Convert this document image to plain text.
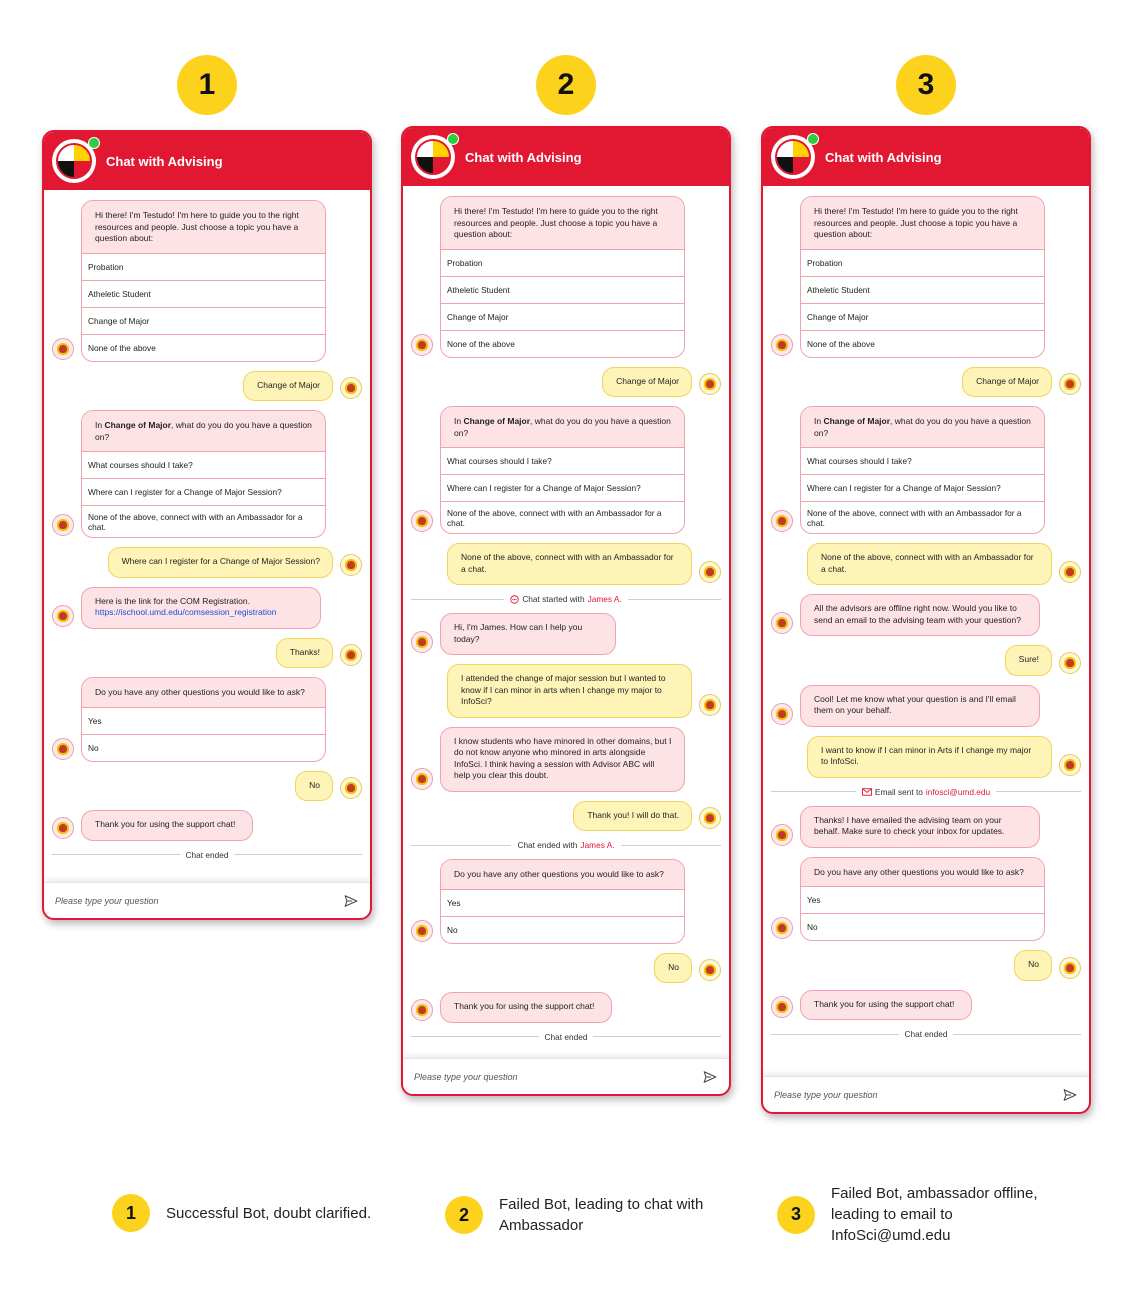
1	2	3
Chat with Advising
Hi there! I'm Testudo! I'm here to guide you to the right resources and people. Just choose a topic you have a question about:
Probation
Atheletic Student
Change of Major
None of the above
Change of Major
In Change of Major, what do you do you have a question on?
What courses should I take?
Where can I register for a Change of Major Session?
None of the above, connect with with an Ambassador for a chat.
Where can I register for a Change of Major Session?
Here is the link for the COM Registration.
https://ischool.umd.edu/comsession_registration
Thanks!
Do you have any other questions you would like to ask?
Yes
No
No
Thank you for using the support chat!
Chat ended
Please type your question
Chat with Advising
Hi there! I'm Testudo! I'm here to guide you to the right resources and people. Just choose a topic you have a question about:
Probation
Atheletic Student
Change of Major
None of the above
Change of Major
In Change of Major, what do you do you have a question on?
What courses should I take?
Where can I register for a Change of Major Session?
None of the above, connect with with an Ambassador for a chat.
None of the above, connect with with an Ambassador for a chat.
Chat started with James A.
Hi, I'm James. How can I help you today?
I attended the change of major session but I wanted to know if I can minor in arts when I change my major to InfoSci?
I know students who have minored in other domains, but I do not know anyone who minored in arts alongside InfoSci. I think having a session with Advisor ABC will help you clear this doubt.
Thank you! I will do that.
Chat ended with James A.
Do you have any other questions you would like to ask?
Yes
No
No
Thank you for using the support chat!
Chat ended
Please type your question
Chat with Advising
Hi there! I'm Testudo! I'm here to guide you to the right resources and people. Just choose a topic you have a question about:
Probation
Atheletic Student
Change of Major
None of the above
Change of Major
In Change of Major, what do you do you have a question on?
What courses should I take?
Where can I register for a Change of Major Session?
None of the above, connect with with an Ambassador for a chat.
None of the above, connect with with an Ambassador for a chat.
All the advisors are offline right now. Would you like to send an email to the advising team with your question?
Sure!
Cool! Let me know what your question is and I'll email them on your behalf.
I want to know if I can minor in Arts if I change my major to InfoSci.
Email sent to infosci@umd.edu
Thanks! I have emailed the advising team on your behalf. Make sure to check your inbox for updates.
Do you have any other questions you would like to ask?
Yes
No
No
Thank you for using the support chat!
Chat ended
Please type your question
1	Successful Bot, doubt clarified.	2	Failed Bot, leading to chat with Ambassador
3
Failed Bot, ambassador offline, leading to email to InfoSci@umd.edu
